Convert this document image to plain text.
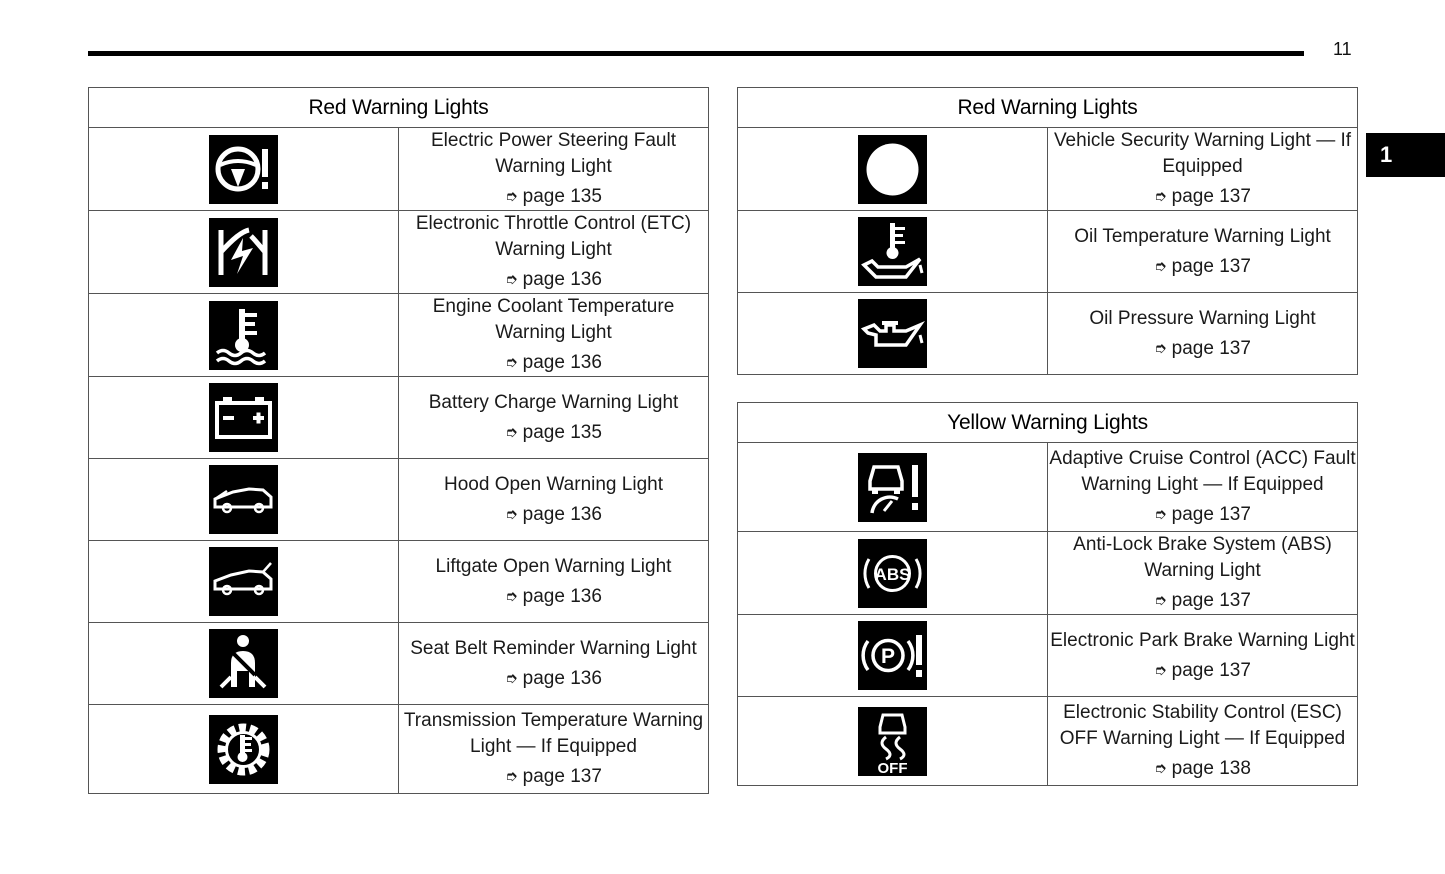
11
1
Red Warning Lights	

	Electric Power Steering Fault Warning Light
➮ page 135

	Electronic Throttle Control (ETC) Warning Light
➮ page 136

	Engine Coolant Temperature Warning Light
➮ page 136

	Battery Charge Warning Light
➮ page 135

	Hood Open Warning Light
➮ page 136

	Liftgate Open Warning Light
➮ page 136

	Seat Belt Reminder Warning Light
➮ page 136

	Transmission Temperature Warning Light — If Equipped
➮ page 137
Red Warning Lights	

	Vehicle Security Warning Light — If Equipped
➮ page 137

	Oil Temperature Warning Light
➮ page 137

	Oil Pressure Warning Light
➮ page 137
Yellow Warning Lights	

	Adaptive Cruise Control (ACC) Fault Warning Light — If Equipped
➮ page 137

ABS	Anti-Lock Brake System (ABS) Warning Light
➮ page 137

P	Electronic Park Brake Warning Light
➮ page 137

OFF	Electronic Stability Control (ESC) OFF Warning Light — If Equipped
➮ page 138
